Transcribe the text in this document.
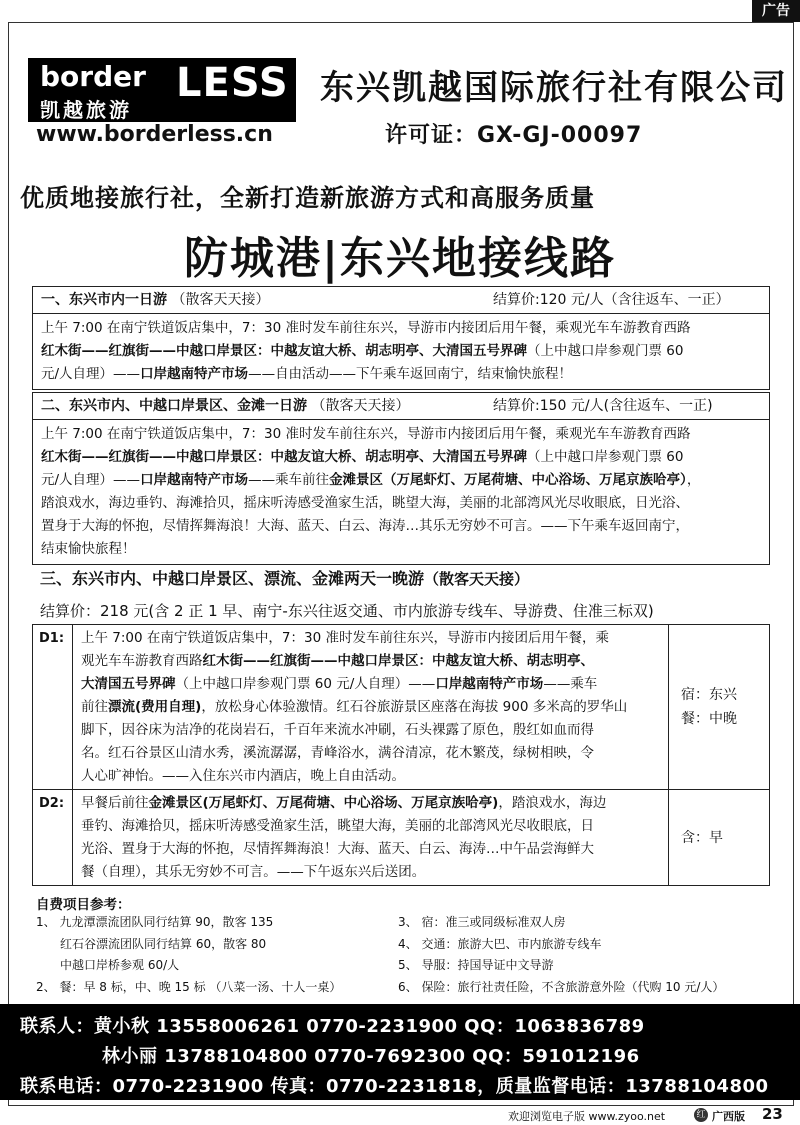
广告
border LESS
凯越旅游
东兴凯越国际旅行社有限公司
www.borderless.cn	许可证：GX-GJ-00097
优质地接旅行社，全新打造新旅游方式和高服务质量
防城港|东兴地接线路
一、东兴市内一日游 （散客天天接）	结算价:120 元/人（含往返车、一正）
上午 7:00 在南宁铁道饭店集中，7：30 准时发车前往东兴，导游市内接团后用午餐，乘观光车车游教育西路
红木街——红旗街——中越口岸景区：中越友谊大桥、胡志明亭、大清国五号界碑（上中越口岸参观门票 60
元/人自理）——口岸越南特产市场——自由活动——下午乘车返回南宁，结束愉快旅程！
二、东兴市内、中越口岸景区、金滩一日游 （散客天天接）	结算价:150 元/人(含往返车、一正)
上午 7:00 在南宁铁道饭店集中，7：30 准时发车前往东兴，导游市内接团后用午餐，乘观光车车游教育西路
红木街——红旗街——中越口岸景区：中越友谊大桥、胡志明亭、大清国五号界碑（上中越口岸参观门票 60
元/人自理）——口岸越南特产市场——乘车前往金滩景区（万尾虾灯、万尾荷塘、中心浴场、万尾京族哈亭），
踏浪戏水，海边垂钓、海滩拾贝，摇床听涛感受渔家生活，眺望大海，美丽的北部湾风光尽收眼底，日光浴、
置身于大海的怀抱，尽情挥舞海浪！大海、蓝天、白云、海涛…其乐无穷妙不可言。——下午乘车返回南宁，
结束愉快旅程！
三、东兴市内、中越口岸景区、漂流、金滩两天一晚游（散客天天接）
结算价：218 元(含 2 正 1 早、南宁-东兴往返交通、市内旅游专线车、导游费、住准三标双)
D1:	上午 7:00 在南宁铁道饭店集中，7：30 准时发车前往东兴，导游市内接团后用午餐，乘
观光车车游教育西路红木街——红旗街——中越口岸景区：中越友谊大桥、胡志明亭、
大清国五号界碑（上中越口岸参观门票 60 元/人自理）——口岸越南特产市场——乘车
前往漂流(费用自理)，放松身心体验激情。红石谷旅游景区座落在海拔 900 多米高的罗华山
脚下，因谷床为洁净的花岗岩石，千百年来流水冲刷，石头裸露了原色，殷红如血而得
名。红石谷景区山清水秀，溪流潺潺，青峰浴水，满谷清凉，花木繁茂，绿树相映，令
人心旷神怡。——入住东兴市内酒店，晚上自由活动。
宿：东兴
餐：中晚
D2:	早餐后前往金滩景区(万尾虾灯、万尾荷塘、中心浴场、万尾京族哈亭)，踏浪戏水，海边
垂钓、海滩拾贝，摇床听涛感受渔家生活，眺望大海，美丽的北部湾风光尽收眼底，日
光浴、置身于大海的怀抱，尽情挥舞海浪！大海、蓝天、白云、海涛…中午品尝海鲜大
餐（自理），其乐无穷妙不可言。——下午返东兴后送团。
含：早
自费项目参考：
1、 九龙潭漂流团队同行结算 90，散客 135
红石谷漂流团队同行结算 60，散客 80
中越口岸桥参观 60/人
2、 餐：早 8 标，中、晚 15 标 （八菜一汤、十人一桌）
3、 宿：准三或同级标准双人房
4、 交通：旅游大巴、市内旅游专线车
5、 导服：持国导证中文导游
6、 保险：旅行社责任险，不含旅游意外险（代购 10 元/人）
联系人：黄小秋 13558006261 0770-2231900 QQ：1063836789
林小丽 13788104800 0770-7692300 QQ：591012196
联系电话：0770-2231900 传真：0770-2231818，质量监督电话：13788104800
欢迎浏览电子版 www.zyoo.net	红 广西版 23
